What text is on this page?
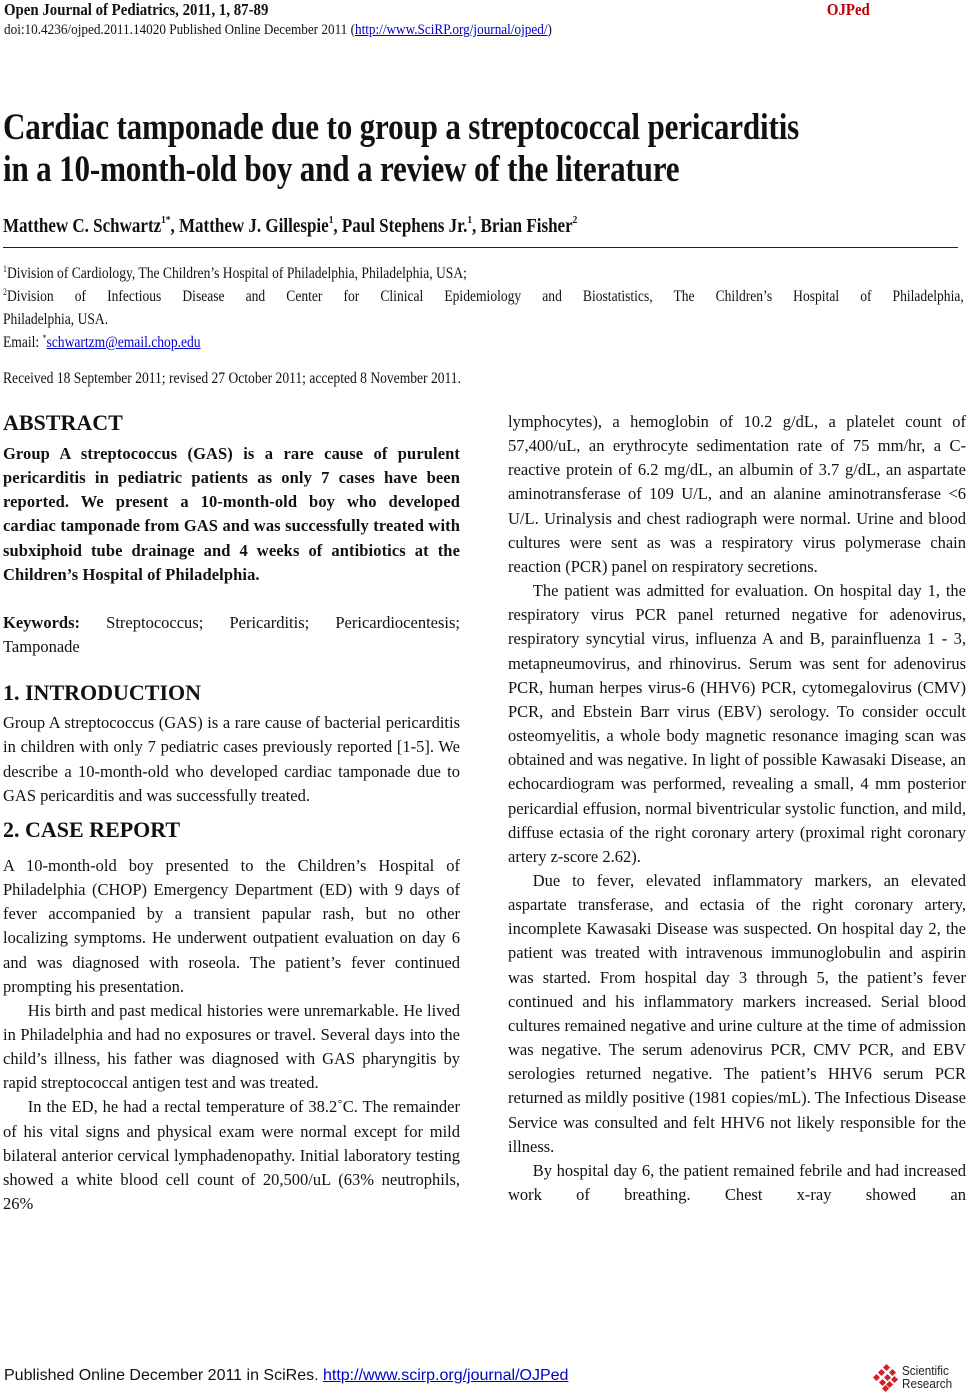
Open Journal of Pediatrics, 2011, 1, 87-89	OJPed
doi:10.4236/ojped.2011.14020 Published Online December 2011 (http://www.SciRP.org/journal/ojped/)
Cardiac tamponade due to group a streptococcal pericarditis
in a 10-month-old boy and a review of the literature
Matthew C. Schwartz$^{1*}$, Matthew J. Gillespie$^1$, Paul Stephens Jr.$^1$, Brian Fisher$^2$
$^1$Division of Cardiology, The Children’s Hospital of Philadelphia, Philadelphia, USA;
$^2$Division of Infectious Disease and Center for Clinical Epidemiology and Biostatistics, The Children’s Hospital of Philadelphia,
Philadelphia, USA.
Email: *schwartzm@email.chop.edu
Received 18 September 2011; revised 27 October 2011; accepted 8 November 2011.
ABSTRACT

Group A streptococcus (GAS) is a rare cause of purulent pericarditis in pediatric patients as only 7 cases have been reported. We present a 10-month-old boy who developed cardiac tamponade from GAS and was successfully treated with subxiphoid tube drainage and 4 weeks of antibiotics at the Children’s Hospital of Philadelphia.

Keywords: Streptococcus; Pericarditis; Pericardiocentesis; Tamponade

1. INTRODUCTION

Group A streptococcus (GAS) is a rare cause of bacterial pericarditis in children with only 7 pediatric cases previously reported [1-5]. We describe a 10-month-old who developed cardiac tamponade due to GAS pericarditis and was successfully treated.

2. CASE REPORT

A 10-month-old boy presented to the Children’s Hospital of Philadelphia (CHOP) Emergency Department (ED) with 9 days of fever accompanied by a transient papular rash, but no other localizing symptoms. He underwent outpatient evaluation on day 6 and was diagnosed with roseola. The patient’s fever continued prompting his presentation.

His birth and past medical histories were unremarkable. He lived in Philadelphia and had no exposures or travel. Several days into the child’s illness, his father was diagnosed with GAS pharyngitis by rapid streptococcal antigen test and was treated.

In the ED, he had a rectal temperature of 38.2˚C. The remainder of his vital signs and physical exam were normal except for mild bilateral anterior cervical lymphadenopathy. Initial laboratory testing showed a white blood cell count of 20,500/uL (63% neutrophils, 26%

lymphocytes), a hemoglobin of 10.2 g/dL, a platelet count of 57,400/uL, an erythrocyte sedimentation rate of 75 mm/hr, a C-reactive protein of 6.2 mg/dL, an albumin of 3.7 g/dL, an aspartate aminotransferase of 109 U/L, and an alanine aminotransferase <6 U/L. Urinalysis and chest radiograph were normal. Urine and blood cultures were sent as was a respiratory virus polymerase chain reaction (PCR) panel on respiratory secretions.

The patient was admitted for evaluation. On hospital day 1, the respiratory virus PCR panel returned negative for adenovirus, respiratory syncytial virus, influenza A and B, parainfluenza 1 - 3, metapneumovirus, and rhinovirus. Serum was sent for adenovirus PCR, human herpes virus-6 (HHV6) PCR, cytomegalovirus (CMV) PCR, and Ebstein Barr virus (EBV) serology. To consider occult osteomyelitis, a whole body magnetic resonance imaging scan was obtained and was negative. In light of possible Kawasaki Disease, an echocardiogram was performed, revealing a small, 4 mm posterior pericardial effusion, normal biventricular systolic function, and mild, diffuse ectasia of the right coronary artery (proximal right coronary artery z-score 2.62).

Due to fever, elevated inflammatory markers, an elevated aspartate transferase, and ectasia of the right coronary artery, incomplete Kawasaki Disease was suspected. On hospital day 2, the patient was treated with intravenous immunoglobulin and aspirin was started. From hospital day 3 through 5, the patient’s fever continued and his inflammatory markers increased. Serial blood cultures remained negative and urine culture at the time of admission was negative. The serum adenovirus PCR, CMV PCR, and EBV serologies returned negative. The patient’s HHV6 serum PCR returned as mildly positive (1981 copies/mL). The Infectious Disease Service was consulted and felt HHV6 not likely responsible for the illness.

By hospital day 6, the patient remained febrile and had increased work of breathing. Chest x-ray showed an

Published Online December 2011 in SciRes. http://www.scirp.org/journal/OJPed	Scientific
Research
